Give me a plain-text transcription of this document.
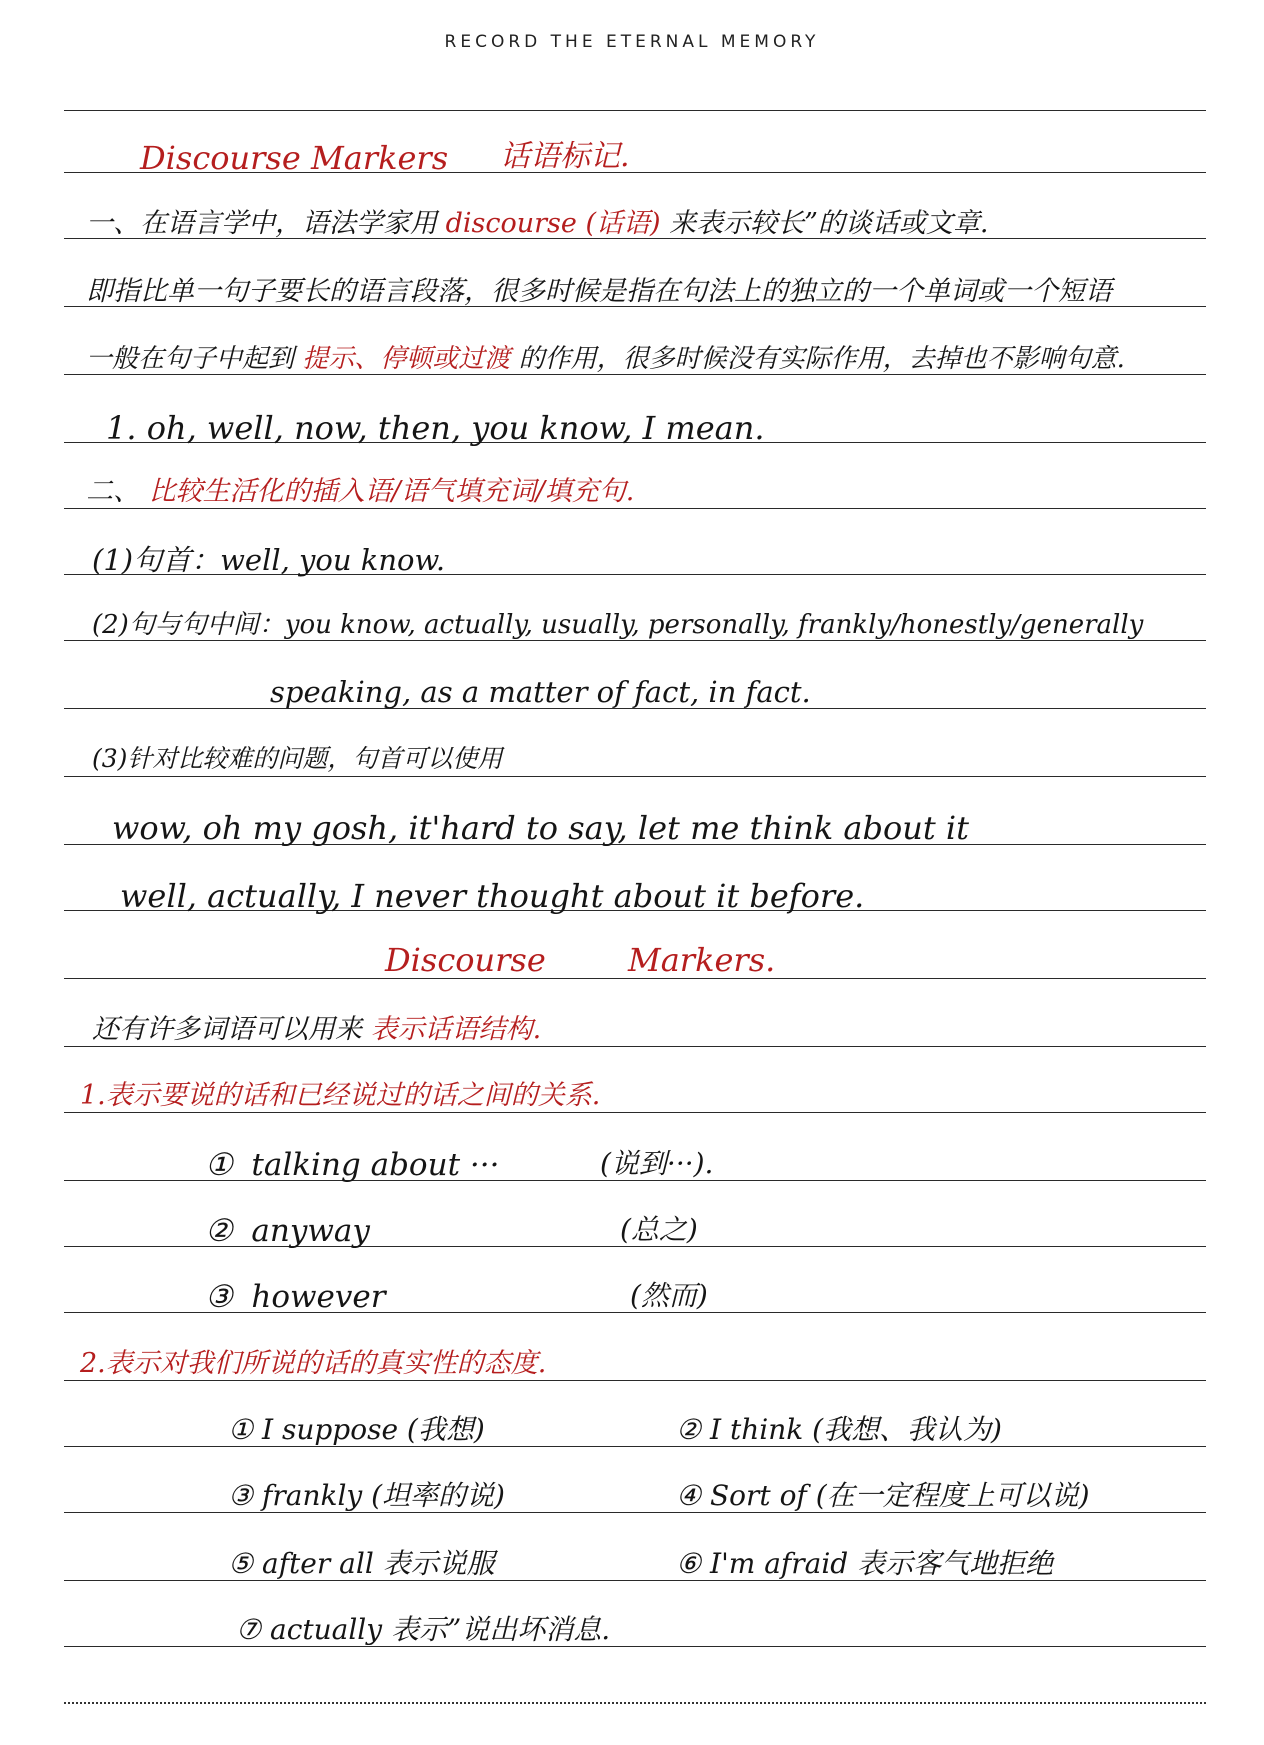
RECORD THE ETERNAL MEMORY
Discourse Markers 话语标记.
一、在语言学中，语法学家用 discourse (话语) 来表示较长”的谈话或文章.
即指比单一句子要长的语言段落，很多时候是指在句法上的独立的一个单词或一个短语
一般在句子中起到 提示、停顿或过渡 的作用，很多时候没有实际作用，去掉也不影响句意.
1. oh, well, now, then, you know, I mean.
二、 比较生活化的插入语/语气填充词/填充句.
(1)句首：well, you know.
(2)句与句中间：you know, actually, usually, personally, frankly/honestly/generally
speaking, as a matter of fact, in fact.
(3)针对比较难的问题，句首可以使用
wow, oh my gosh, it'hard to say, let me think about it
well, actually, I never thought about it before.
Discourse Markers.
还有许多词语可以用来 表示话语结构.
1.表示要说的话和已经说过的话之间的关系.
① talking about ···	(说到···).
② anyway	(总之)
③ however	(然而)
2.表示对我们所说的话的真实性的态度.
① I suppose (我想)	② I think (我想、我认为)
③ frankly (坦率的说)	④ Sort of (在一定程度上可以说)
⑤ after all 表示说服	⑥ I'm afraid 表示客气地拒绝
⑦ actually 表示”说出坏消息.
